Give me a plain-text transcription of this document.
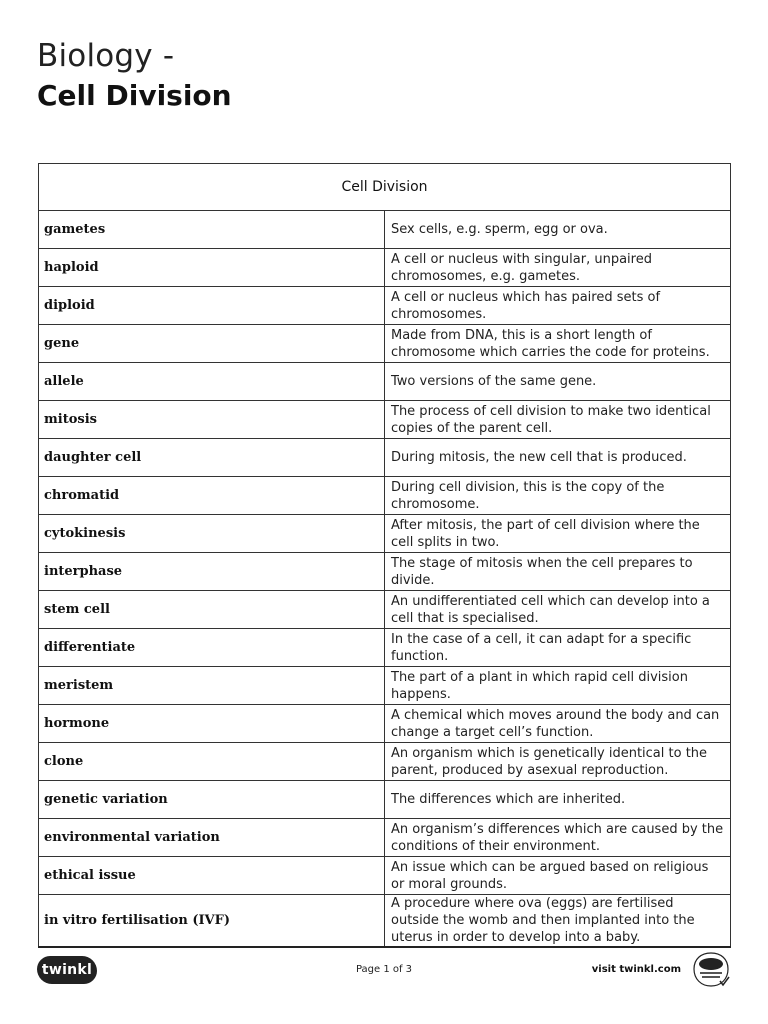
Biology -
Cell Division
Cell Division	
gametes	Sex cells, e.g. sperm, egg or ova.
haploid	A cell or nucleus with singular, unpaired chromosomes, e.g. gametes.
diploid	A cell or nucleus which has paired sets of chromosomes.
gene	Made from DNA, this is a short length of chromosome which carries the code for proteins.
allele	Two versions of the same gene.
mitosis	The process of cell division to make two identical copies of the parent cell.
daughter cell	During mitosis, the new cell that is produced.
chromatid	During cell division, this is the copy of the chromosome.
cytokinesis	After mitosis, the part of cell division where the cell splits in two.
interphase	The stage of mitosis when the cell prepares to divide.
stem cell	An undifferentiated cell which can develop into a cell that is specialised.
differentiate	In the case of a cell, it can adapt for a specific function.
meristem	The part of a plant in which rapid cell division happens.
hormone	A chemical which moves around the body and can change a target cell’s function.
clone	An organism which is genetically identical to the parent, produced by asexual reproduction.
genetic variation	The differences which are inherited.
environmental variation	An organism’s differences which are caused by the conditions of their environment.
ethical issue	An issue which can be argued based on religious or moral grounds.
in vitro fertilisation (IVF)	A procedure where ova (eggs) are fertilised outside the womb and then implanted into the uterus in order to develop into a baby.
twinkl	Page 1 of 3	visit twinkl.com
